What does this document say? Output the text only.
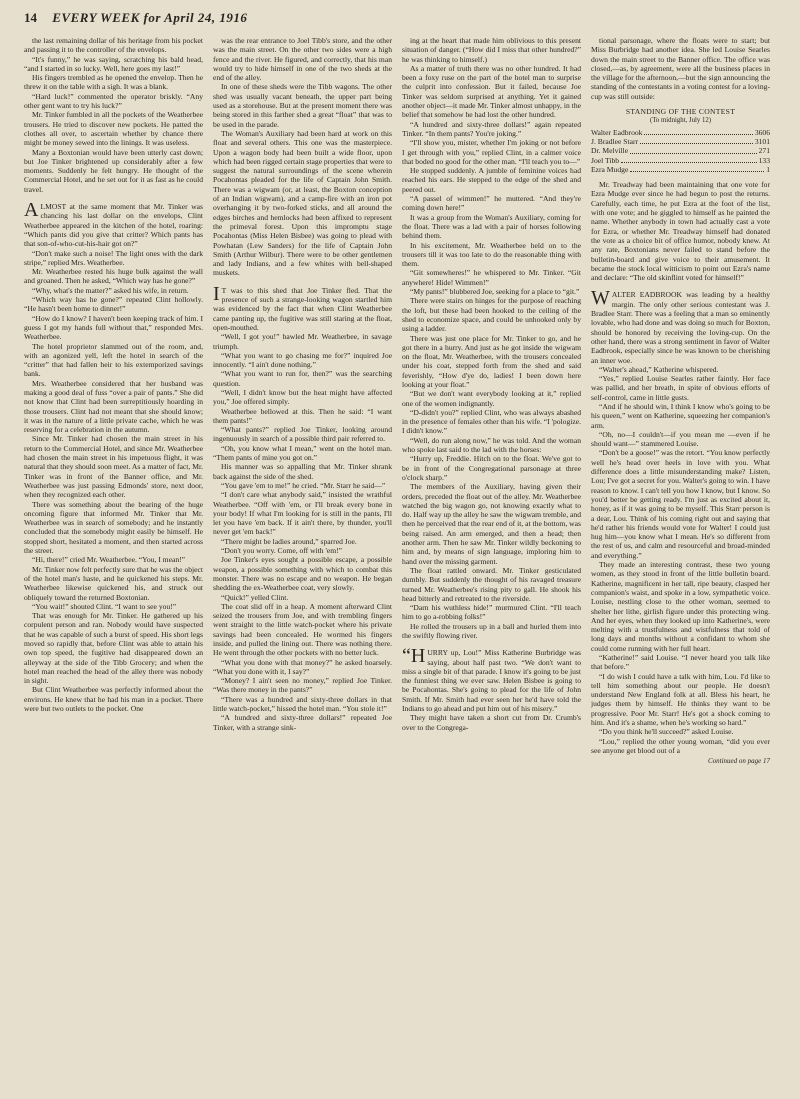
14 EVERY WEEK for April 24, 1916

the last remaining dollar of his heritage from his pocket and passing it to the controller of the envelops.

“It's funny,” he was saying, scratching his bald head, “and I started in so lucky. Well, here goes my last!”

His fingers trembled as he opened the envelop. Then he threw it on the table with a sigh. It was a blank.

“Hard luck!” commented the operator briskly. “Any other gent want to try his luck?”

Mr. Tinker fumbled in all the pockets of the Weatherbee trousers. He tried to discover new pockets. He patted the clothes all over, to ascertain whether by chance there might be money sewed into the linings. It was useless.

Many a Boxtonian would have been utterly cast down; but Joe Tinker brightened up considerably after a few moments. Suddenly he felt hungry. He thought of the Commercial Hotel, and he set out for it as fast as he could travel.

ALMOST at the same moment that Mr. Tinker was chancing his last dollar on the envelops, Clint Weatherbee appeared in the kitchen of the hotel, roaring: “Which pants did you give that critter? Which pants has that son-of-who-cut-his-hair got on?”

“Don't make such a noise! The light ones with the dark stripe,” replied Mrs. Weatherbee.

Mr. Weatherbee rested his huge bulk against the wall and groaned. Then he asked, “Which way has he gone?”

“Why, what's the matter?” asked his wife, in return.

“Which way has he gone?” repeated Clint hollowly. “He hasn't been home to dinner!”

“How do I know? I haven't been keeping track of him. I guess I got my hands full without that,” responded Mrs. Weatherbee.

The hotel proprietor slammed out of the room, and, with an agonized yell, left the hotel in search of the “critter” that had fallen heir to his extemporized savings bank.

Mrs. Weatherbee considered that her husband was making a good deal of fuss “over a pair of pants.” She did not know that Clint had been surreptitiously hoarding in those trousers. Clint had not meant that she should know; it was in the nature of a little private cache, which he was reserving for a celebration in the autumn.

Since Mr. Tinker had chosen the main street in his return to the Commercial Hotel, and since Mr. Weatherbee had chosen the main street in his impetuous flight, it was natural that they should soon meet. As a matter of fact, Mr. Tinker was in front of the Banner office, and Mr. Weatherbee was just passing Edmonds' store, next door, when they recognized each other.

There was something about the bearing of the huge oncoming figure that informed Mr. Tinker that Mr. Weatherbee was in search of somebody; and he instantly concluded that the somebody might easily be himself. He stopped short, hesitated a moment, and then started across the street.

“Hi, there!” cried Mr. Weatherbee. “You, I mean!”

Mr. Tinker now felt perfectly sure that he was the object of the hotel man's haste, and he quickened his steps. Mr. Weatherbee likewise quickened his, and struck out obliquely toward the returned Boxtonian.

“You wait!” shouted Clint. “I want to see you!”

That was enough for Mr. Tinker. He gathered up his corpulent person and ran. Nobody would have suspected that he was capable of such a burst of speed. His short legs moved so rapidly that, before Clint was able to attain his own top speed, the fugitive had disappeared down an alleyway at the side of the Tibb Grocery; and when the hotel man reached the head of the alley there was nobody in sight.

But Clint Weatherbee was perfectly informed about the environs. He knew that he had his man in a pocket. There were but two outlets to the pocket. One

was the rear entrance to Joel Tibb's store, and the other was the main street. On the other two sides were a high fence and the river. He figured, and correctly, that his man would try to hide himself in one of the two sheds at the end of the alley.

In one of these sheds were the Tibb wagons. The other shed was usually vacant beneath, the upper part being used as a storehouse. But at the present moment there was being stored in this farther shed a great “float” that was to be used in the parade.

The Woman's Auxiliary had been hard at work on this float and several others. This one was the masterpiece. Upon a wagon body had been built a wide floor, upon which had been rigged certain stage properties that were to suggest the natural surroundings of the scene wherein Pocahontas pleaded for the life of Captain John Smith. There was a wigwam (or, at least, the Boxton conception of an Indian wigwam), and a camp-fire with an iron pot overhanging it by two-forked sticks, and all around the edges birches and hemlocks had been affixed to represent the primeval forest. Upon this impromptu stage Pocahontas (Miss Helen Bisbee) was going to plead with Powhatan (Lew Sanders) for the life of Captain John Smith (Arthur Wilbur). There were to be other gentlemen and lady Indians, and a few whites with bell-shaped muskets.

IT was to this shed that Joe Tinker fled. That the presence of such a strange-looking wagon startled him was evidenced by the fact that when Clint Weatherbee came panting up, the fugitive was still staring at the float, open-mouthed.

“Well, I got you!” bawled Mr. Weatherbee, in savage triumph.

“What you want to go chasing me for?” inquired Joe innocently. “I ain't done nothing.”

“What you want to run for, then?” was the searching question.

“Well, I didn't know but the heat might have affected you,” Joe offered simply.

Weatherbee bellowed at this. Then he said: “I want them pants!”

“What pants?” replied Joe Tinker, looking around ingenuously in search of a possible third pair referred to.

“Oh, you know what I mean,” went on the hotel man. “Them pants of mine you got on.”

His manner was so appalling that Mr. Tinker shrank back against the side of the shed.

“You gave 'em to me!” he cried. “Mr. Starr he said—”

“I don't care what anybody said,” insisted the wrathful Weatherbee. “Off with 'em, or I'll break every bone in your body! If what I'm looking for is still in the pants, I'll let you have 'em back. If it ain't there, by thunder, you'll never get 'em back!”

“There might be ladies around,” sparred Joe.

“Don't you worry. Come, off with 'em!”

Joe Tinker's eyes sought a possible escape, a possible weapon, a possible something with which to combat this monster. There was no escape and no weapon. He began shedding the ex-Weatherbee coat, very slowly.

“Quick!” yelled Clint.

The coat slid off in a heap. A moment afterward Clint seized the trousers from Joe, and with trembling fingers went straight to the little watch-pocket where his private savings had been concealed. He wormed his fingers inside, and pulled the lining out. There was nothing there. He went through the other pockets with no better luck.

“What you done with that money?” he asked hoarsely. “What you done with it, I say?”

“Money? I ain't seen no money,” replied Joe Tinker. “Was there money in the pants?”

“There was a hundred and sixty-three dollars in that little watch-pocket,” hissed the hotel man. “You stole it!”

“A hundred and sixty-three dollars!” repeated Joe Tinker, with a strange sink-

ing at the heart that made him oblivious to this present situation of danger. (“How did I miss that other hundred?” he was thinking to himself.)

As a matter of truth there was no other hundred. It had been a foxy ruse on the part of the hotel man to surprise the culprit into confession. But it failed, because Joe Tinker was seldom surprised at anything. Yet it gained another object—it made Mr. Tinker almost unhappy, in the belief that somehow he had lost the other hundred.

“A hundred and sixty-three dollars!” again repeated Tinker. “In them pants? You're joking.”

“I'll show you, mister, whether I'm joking or not before I get through with you,” replied Clint, in a calmer voice that boded no good for the other man. “I'll teach you to—”

He stopped suddenly. A jumble of feminine voices had reached his ears. He stepped to the edge of the shed and peered out.

“A passel of wimmen!” he muttered. “And they're coming down here!”

It was a group from the Woman's Auxiliary, coming for the float. There was a lad with a pair of horses following behind them.

In his excitement, Mr. Weatherbee held on to the trousers till it was too late to do the reasonable thing with them.

“Git somewheres!” he whispered to Mr. Tinker. “Git anywhere! Hide! Wimmen!”

“My pants!” blubbered Joe, seeking for a place to “git.”

There were stairs on hinges for the purpose of reaching the loft, but these had been hooked to the ceiling of the shed to economize space, and could be unhooked only by using a ladder.

There was just one place for Mr. Tinker to go, and he got there in a hurry. And just as he got inside the wigwam on the float, Mr. Weatherbee, with the trousers concealed under his coat, stepped forth from the shed and said feverishly, “How d'ye do, ladies! I been down here looking at your float.”

“But we don't want everybody looking at it,” replied one of the women indignantly.

“D-didn't you?” replied Clint, who was always abashed in the presence of females other than his wife. “I 'pologize. I didn't know.”

“Well, do run along now,” he was told. And the woman who spoke last said to the lad with the horses:

“Hurry up, Freddie. Hitch on to the float. We've got to be in front of the Congregational parsonage at three o'clock sharp.”

The members of the Auxiliary, having given their orders, preceded the float out of the alley. Mr. Weatherbee watched the big wagon go, not knowing exactly what to do. Half way up the alley he saw the wigwam tremble, and then he perceived that the rear end of it, at the bottom, was being raised. An arm emerged, and then a head; then another arm. Then he saw Mr. Tinker wildly beckoning to him and, by means of sign language, imploring him to hand over the missing garment.

The float rattled onward. Mr. Tinker gesticulated dumbly. But suddenly the thought of his ravaged treasure turned Mr. Weatherbee's rising pity to gall. He shook his head bitterly and retreated to the riverside.

“Darn his wuthless hide!” murmured Clint. “I'll teach him to go a-robbing folks!”

He rolled the trousers up in a ball and hurled them into the swiftly flowing river.

“HURRY up, Lou!” Miss Katherine Burbridge was saying, about half past two. “We don't want to miss a single bit of that parade. I know it's going to be just the funniest thing we ever saw. Helen Bisbee is going to be Pocahontas. She's going to plead for the life of John Smith. If Mr. Smith had ever seen her he'd have told the Indians to go ahead and put him out of his misery.”

They might have taken a short cut from Dr. Crumb's over to the Congrega-

tional parsonage, where the floats were to start; but Miss Burbridge had another idea. She led Louise Searles down the main street to the Banner office. The office was closed,—as, by agreement, were all the business places in the village for the afternoon,—but the sign announcing the standing of the contestants in a voting contest for a loving-cup was still outside:

STANDING OF THE CONTEST
(To midnight, July 12)
Walter Eadbrook	3606
J. Bradlee Starr	3101
Dr. Melville	271
Joel Tibb	133
Ezra Mudge	1

Mr. Treadway had been maintaining that one vote for Ezra Mudge ever since he had begun to post the returns. Carefully, each time, he put Ezra at the foot of the list, with one vote; and he giggled to himself as he painted the name. Whether anybody in town had actually cast a vote for Ezra, or whether Mr. Treadway himself had donated the vote as a choice bit of office humor, nobody knew. At any rate, Boxtonians never failed to stand before the bulletin-board and give voice to their amusement. It became the stock local witticism to point out Ezra's name and declare: “The old skinflint voted for himself!”

WALTER EADBROOK was leading by a healthy margin. The only other serious contestant was J. Bradlee Starr. There was a feeling that a man so eminently lovable, who had done and was doing so much for Boxton, should be honored by receiving the loving-cup. On the other hand, there was a strong sentiment in favor of Walter Eadbrook, especially since he was known to be cherishing an inner woe.

“Walter's ahead,” Katherine whispered.

“Yes,” replied Louise Searles rather faintly. Her face was pallid, and her breath, in spite of obvious efforts of self-control, came in little gusts.

“And if he should win, I think I know who's going to be his queen,” went on Katherine, squeezing her companion's arm.

“Oh, no—I couldn't—if you mean me —even if he should want—” stammered Louise.

“Don't be a goose!” was the retort. “You know perfectly well he's head over heels in love with you. What difference does a little misunderstanding make? Listen, Lou; I've got a secret for you. Walter's going to win. I have reason to know. I can't tell you how I know, but I know. So you'd better be getting ready. I'm just as excited about it, honey, as if it was going to be myself. This Starr person is a dear, Lou. Think of his coming right out and saying that he'd rather his friends would vote for Walter! I could just hug him—you know what I mean. He's so different from the rest of us, and calm and resourceful and broad-minded and everything.”

They made an interesting contrast, these two young women, as they stood in front of the little bulletin board. Katherine, magnificent in her tall, ripe beauty, clasped her companion's waist, and spoke in a low, sympathetic voice. Louise, nestling close to the other woman, seemed to shelter her lithe, girlish figure under this protecting wing. And her eyes, when they looked up into Katherine's, were melting with a trustfulness and wistfulness that told of long days and months without a confidant to whom she could come running with her full heart.

“Katherine!” said Louise. “I never heard you talk like that before.”

“I do wish I could have a talk with him, Lou. I'd like to tell him something about our people. He doesn't understand New England folk at all. Bless his heart, he judges them by himself. He thinks they want to be progressive. Poor Mr. Starr! He's got a shock coming to him. And it's a shame, when he's working so hard.”

“Do you think he'll succeed?” asked Louise.

“Lou,” replied the other young woman, “did you ever see anyone get blood out of a

Continued on page 17
